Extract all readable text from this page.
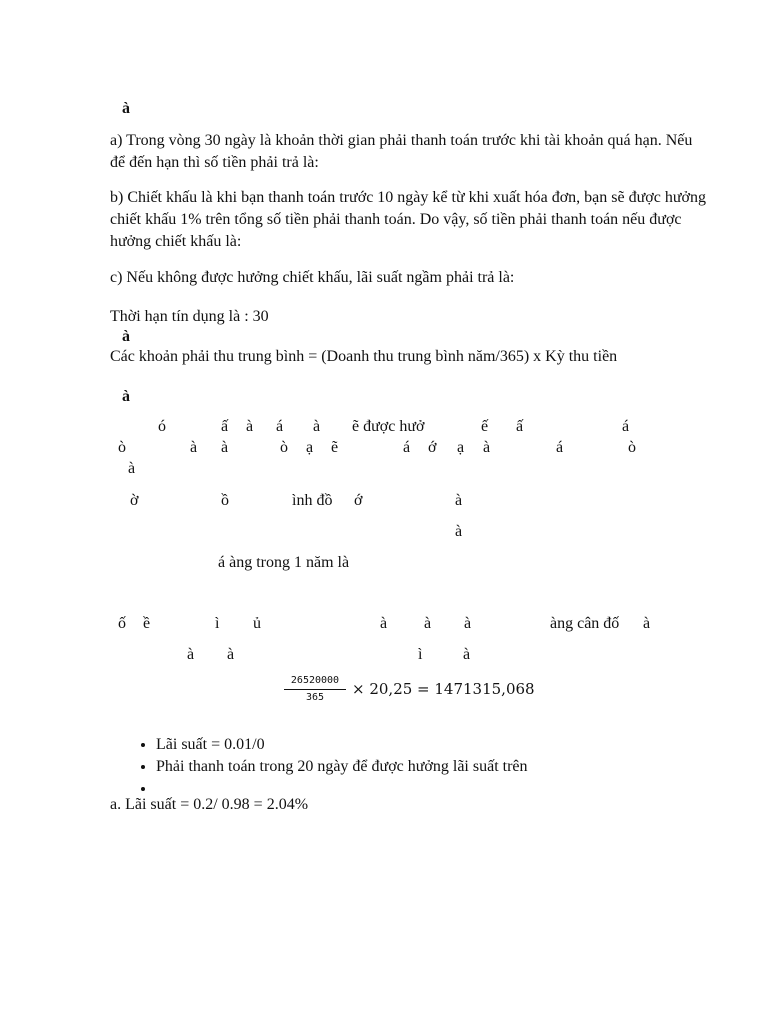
à
a) Trong vòng 30 ngày là khoản thời gian phải thanh toán trước khi tài khoản quá hạn. Nếu để đến hạn thì số tiền phải trả là:
b) Chiết khấu là khi bạn thanh toán trước 10 ngày kể từ khi xuất hóa đơn, bạn sẽ được hưởng chiết khấu 1% trên tổng số tiền phải thanh toán. Do vậy, số tiền phải thanh toán nếu được hưởng chiết khấu là:
c) Nếu không được hưởng chiết khấu, lãi suất ngầm phải trả là:
Thời hạn tín dụng là : 30
à
Các khoản phải thu trung bình = (Doanh thu trung bình năm/365) x Kỳ thu tiền
à
ó	ấ à á à ẽ được hưở	ế ấ	á
ò	à à	ò ạ ẽ	á ớ ạ à	á	ò
à
ờ	ồ	ình đồ ớ	à
à
á àng trong 1 năm là
ố ề	ì ủ	à à à	àng cân đố à
à à	ì	à
26520000
365 × 20,25 = 1471315,068
• Lãi suất = 0.01/0
• Phải thanh toán trong 20 ngày để được hưởng lãi suất trên
•
a. Lãi suất = 0.2/ 0.98 = 2.04%
